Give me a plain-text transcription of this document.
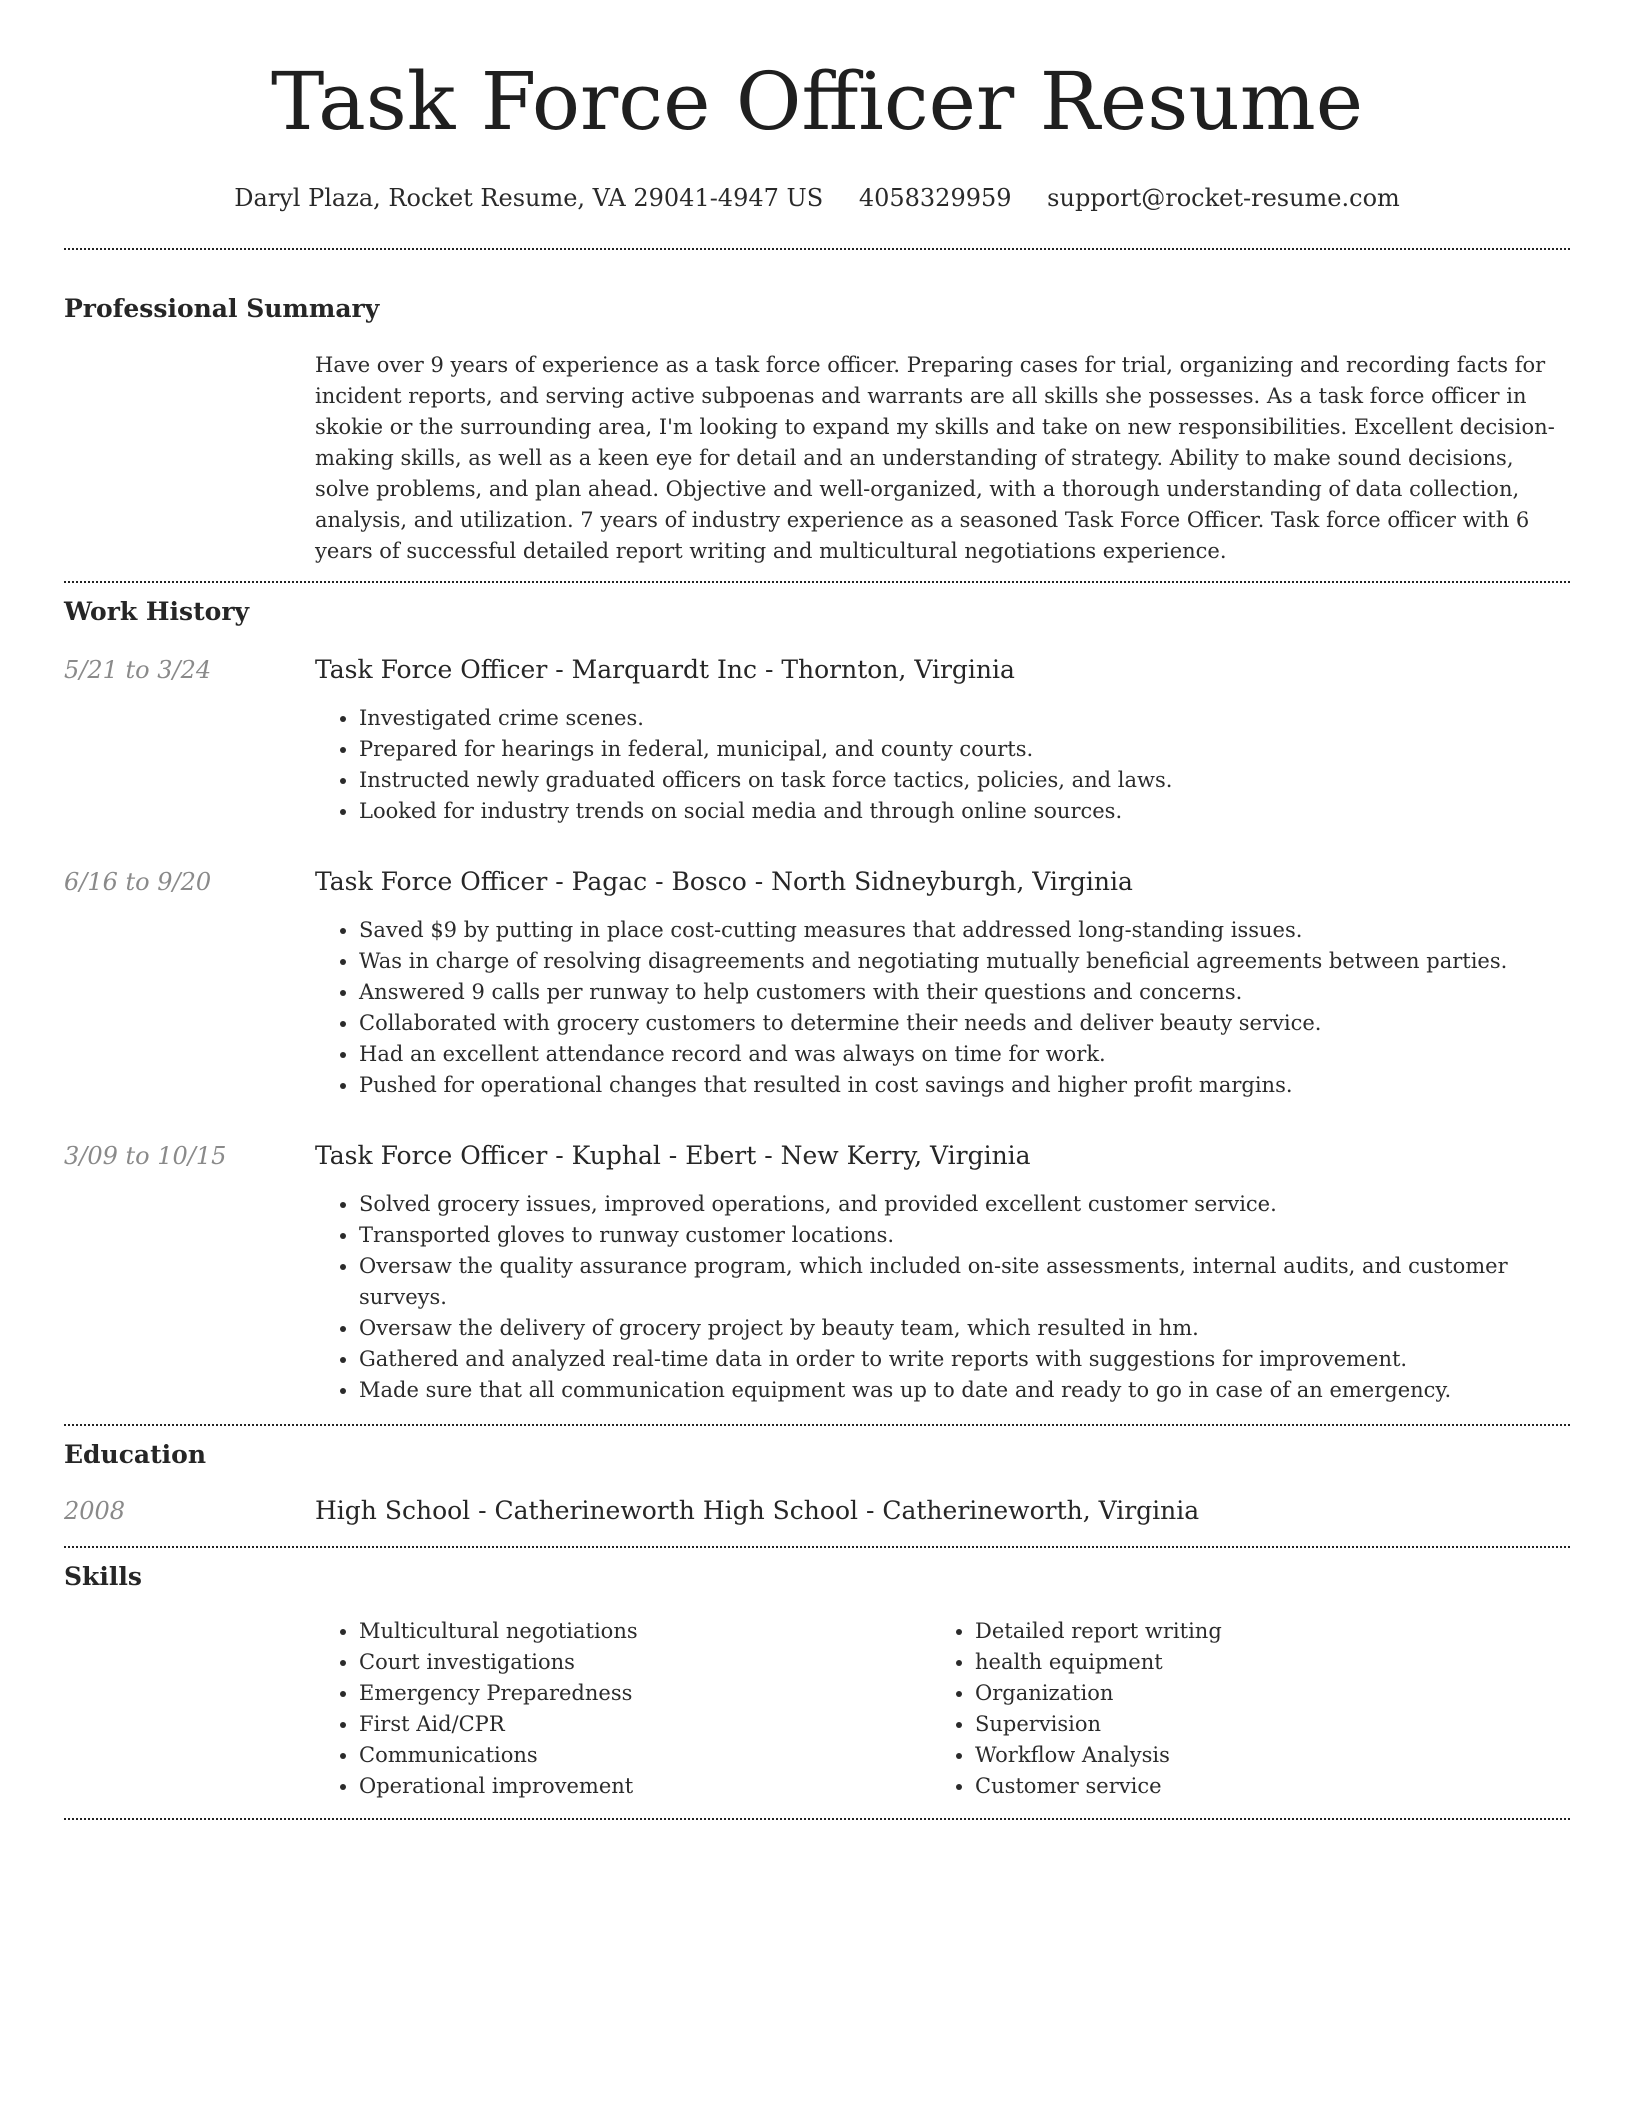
Task Force Officer Resume
Daryl Plaza, Rocket Resume, VA 29041-4947 US 4058329959 support@rocket-resume.com
Professional Summary

Have over 9 years of experience as a task force officer. Preparing cases for trial, organizing and recording facts for incident reports, and serving active subpoenas and warrants are all skills she possesses. As a task force officer in skokie or the surrounding area, I'm looking to expand my skills and take on new responsibilities. Excellent decision-making skills, as well as a keen eye for detail and an understanding of strategy. Ability to make sound decisions, solve problems, and plan ahead. Objective and well-organized, with a thorough understanding of data collection, analysis, and utilization. 7 years of industry experience as a seasoned Task Force Officer. Task force officer with 6 years of successful detailed report writing and multicultural negotiations experience.

Work History
5/21 to 3/24	Task Force Officer - Marquardt Inc - Thornton, Virginia
• Investigated crime scenes.
• Prepared for hearings in federal, municipal, and county courts.
• Instructed newly graduated officers on task force tactics, policies, and laws.
• Looked for industry trends on social media and through online sources.
6/16 to 9/20	Task Force Officer - Pagac - Bosco - North Sidneyburgh, Virginia
• Saved $9 by putting in place cost-cutting measures that addressed long-standing issues.
• Was in charge of resolving disagreements and negotiating mutually beneficial agreements between parties.
• Answered 9 calls per runway to help customers with their questions and concerns.
• Collaborated with grocery customers to determine their needs and deliver beauty service.
• Had an excellent attendance record and was always on time for work.
• Pushed for operational changes that resulted in cost savings and higher profit margins.
3/09 to 10/15	Task Force Officer - Kuphal - Ebert - New Kerry, Virginia
• Solved grocery issues, improved operations, and provided excellent customer service.
• Transported gloves to runway customer locations.
• Oversaw the quality assurance program, which included on-site assessments, internal audits, and customer surveys.
• Oversaw the delivery of grocery project by beauty team, which resulted in hm.
• Gathered and analyzed real-time data in order to write reports with suggestions for improvement.
• Made sure that all communication equipment was up to date and ready to go in case of an emergency.
Education
2008	High School - Catherineworth High School - Catherineworth, Virginia
Skills
• Multicultural negotiations
• Court investigations
• Emergency Preparedness
• First Aid/CPR
• Communications
• Operational improvement
• Detailed report writing
• health equipment
• Organization
• Supervision
• Workflow Analysis
• Customer service
